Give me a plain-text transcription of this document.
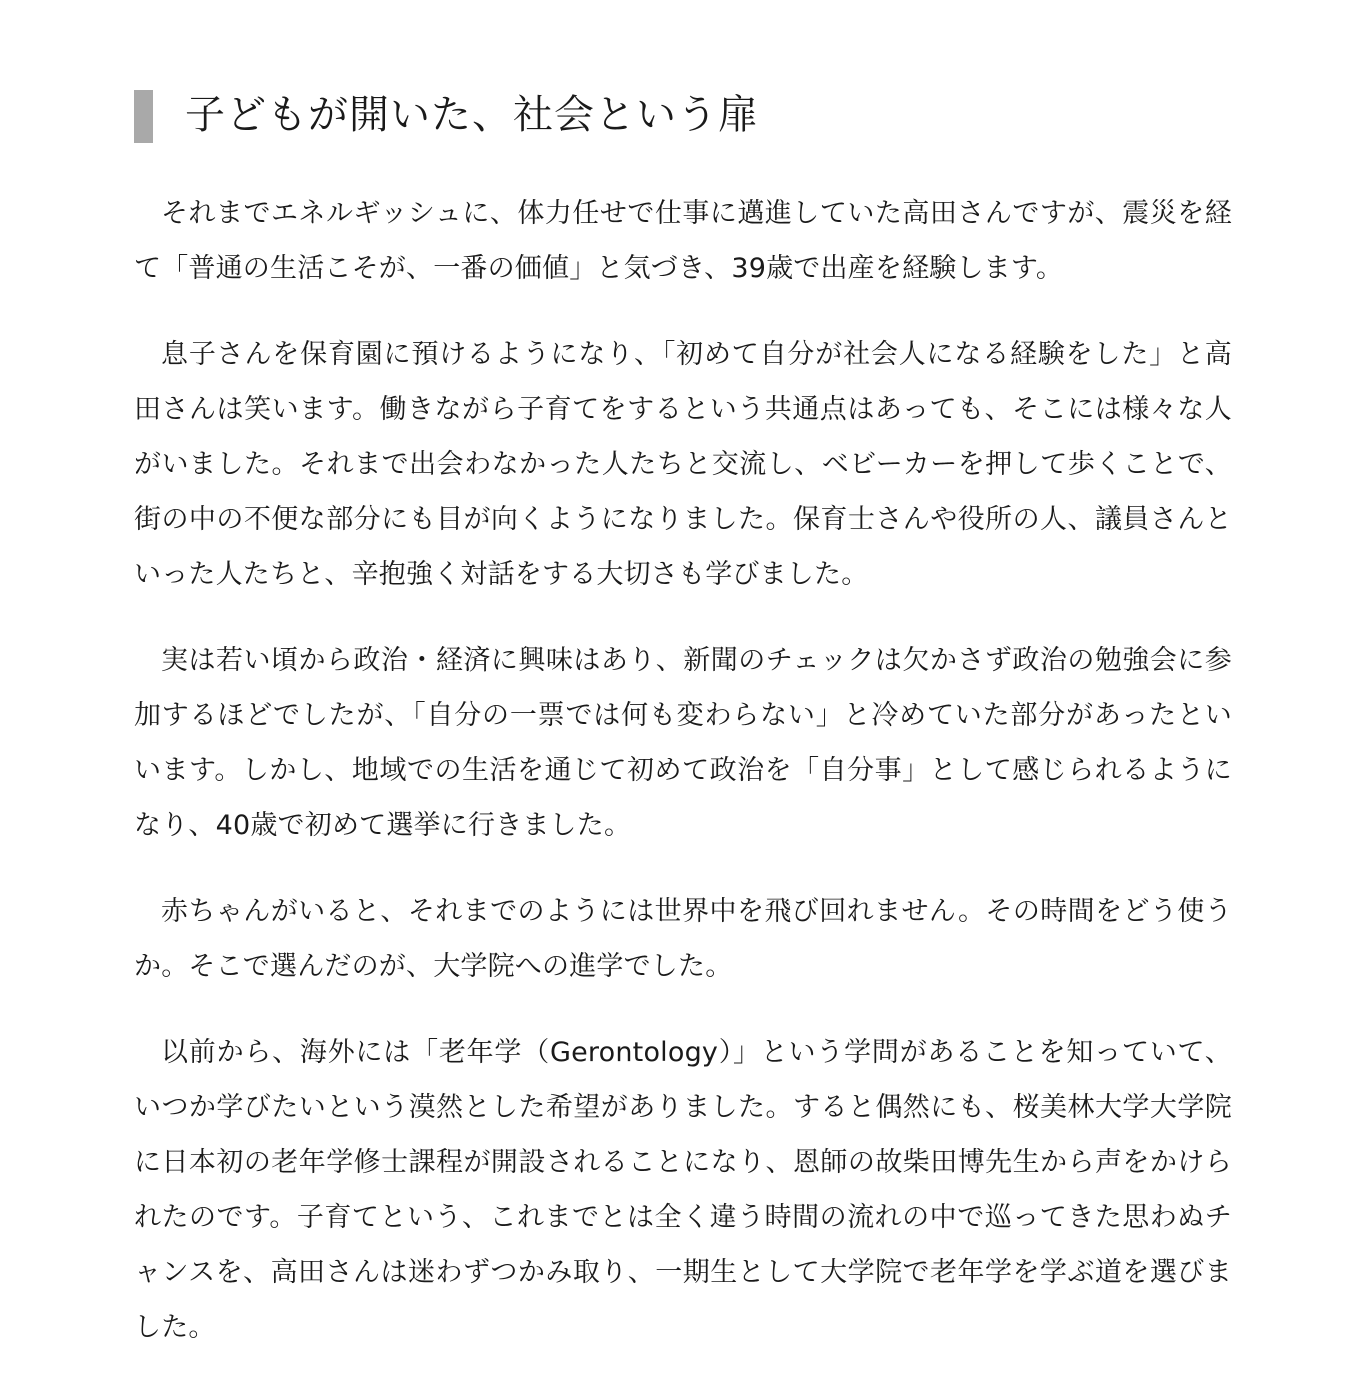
子どもが開いた、社会という扉

それまでエネルギッシュに、体力任せで仕事に邁進していた高田さんですが、震災を経て「普通の生活こそが、一番の価値」と気づき、39歳で出産を経験します。

息子さんを保育園に預けるようになり、「初めて自分が社会人になる経験をした」と高田さんは笑います。働きながら子育てをするという共通点はあっても、そこには様々な人がいました。それまで出会わなかった人たちと交流し、ベビーカーを押して歩くことで、街の中の不便な部分にも目が向くようになりました。保育士さんや役所の人、議員さんといった人たちと、辛抱強く対話をする大切さも学びました。

実は若い頃から政治・経済に興味はあり、新聞のチェックは欠かさず政治の勉強会に参加するほどでしたが、「自分の一票では何も変わらない」と冷めていた部分があったといいます。しかし、地域での生活を通じて初めて政治を「自分事」として感じられるようになり、40歳で初めて選挙に行きました。

赤ちゃんがいると、それまでのようには世界中を飛び回れません。その時間をどう使うか。そこで選んだのが、大学院への進学でした。

以前から、海外には「老年学（Gerontology）」という学問があることを知っていて、いつか学びたいという漠然とした希望がありました。すると偶然にも、桜美林大学大学院に日本初の老年学修士課程が開設されることになり、恩師の故柴田博先生から声をかけられたのです。子育てという、これまでとは全く違う時間の流れの中で巡ってきた思わぬチャンスを、高田さんは迷わずつかみ取り、一期生として大学院で老年学を学ぶ道を選びました。
